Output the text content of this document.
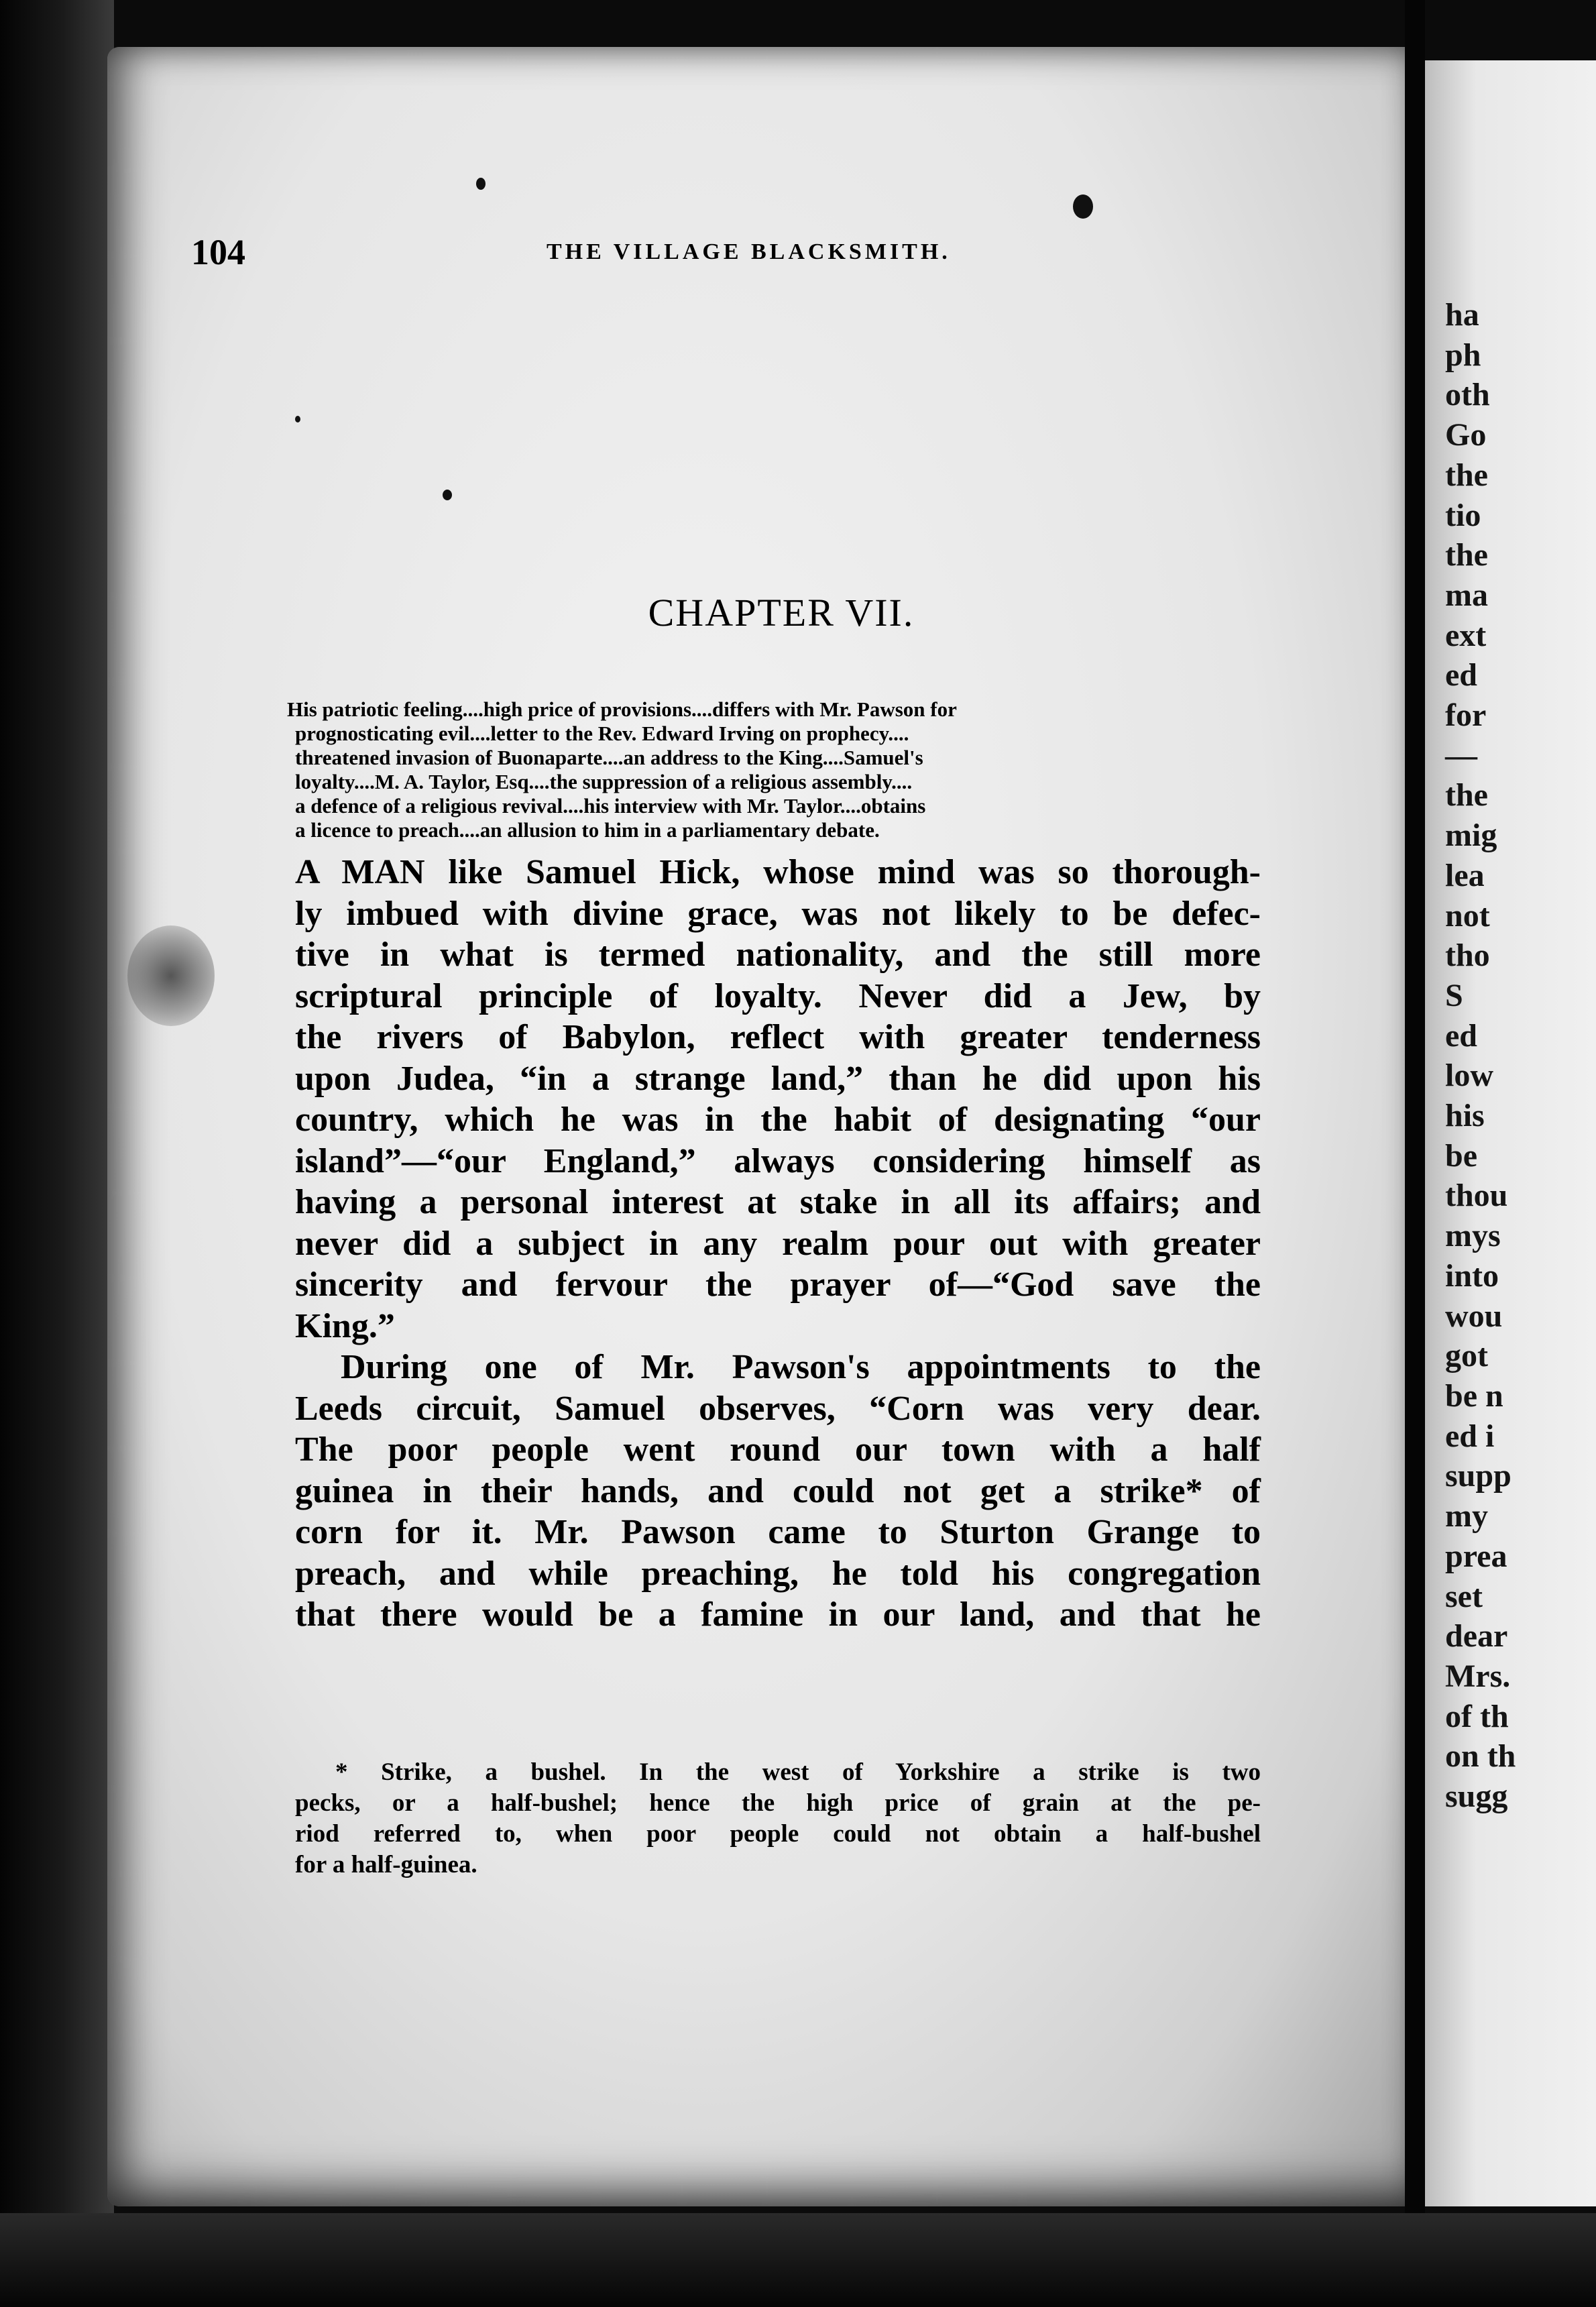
ha
ph
oth
Go
the
tio
the
ma
ext
ed
for
—
the
mig
lea
not
tho
S
ed
low
his
be
thou
mys
into
wou
got
be n
ed i
supp
my
prea
set
dear
Mrs.
of th
on th
sugg
104	THE VILLAGE BLACKSMITH.
CHAPTER VII.
His patriotic feeling....high price of provisions....differs with Mr. Pawson for
prognosticating evil....letter to the Rev. Edward Irving on prophecy....
threatened invasion of Buonaparte....an address to the King....Samuel's
loyalty....M. A. Taylor, Esq....the suppression of a religious assembly....
a defence of a religious revival....his interview with Mr. Taylor....obtains
a licence to preach....an allusion to him in a parliamentary debate.
A MAN like Samuel Hick, whose mind was so thorough-
ly imbued with divine grace, was not likely to be defec-
tive in what is termed nationality, and the still more
scriptural principle of loyalty. Never did a Jew, by
the rivers of Babylon, reflect with greater tenderness
upon Judea, “in a strange land,” than he did upon his
country, which he was in the habit of designating “our
island”—“our England,” always considering himself as
having a personal interest at stake in all its affairs; and
never did a subject in any realm pour out with greater
sincerity and fervour the prayer of—“God save the
King.”
During one of Mr. Pawson's appointments to the
Leeds circuit, Samuel observes, “Corn was very dear.
The poor people went round our town with a half
guinea in their hands, and could not get a strike* of
corn for it. Mr. Pawson came to Sturton Grange to
preach, and while preaching, he told his congregation
that there would be a famine in our land, and that he
* Strike, a bushel. In the west of Yorkshire a strike is two
pecks, or a half-bushel; hence the high price of grain at the pe-
riod referred to, when poor people could not obtain a half-bushel
for a half-guinea.
